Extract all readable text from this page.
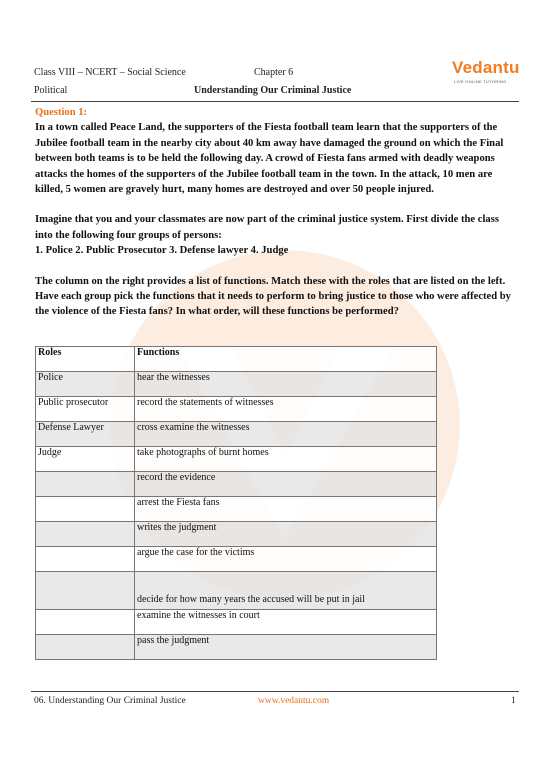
Class VIII – NCERT – Social Science	Chapter 6
Political	Understanding Our Criminal Justice
Vedantu
LIVE ONLINE TUTORING
Question 1:

In a town called Peace Land, the supporters of the Fiesta football team learn that the supporters of the Jubilee football team in the nearby city about 40 km away have damaged the ground on which the Final between both teams is to be held the following day. A crowd of Fiesta fans armed with deadly weapons attacks the homes of the supporters of the Jubilee football team in the town. In the attack, 10 men are killed, 5 women are gravely hurt, many homes are destroyed and over 50 people injured.

Imagine that you and your classmates are now part of the criminal justice system. First divide the class into the following four groups of persons:

1. Police 2. Public Prosecutor 3. Defense lawyer 4. Judge

The column on the right provides a list of functions. Match these with the roles that are listed on the left. Have each group pick the functions that it needs to perform to bring justice to those who were affected by the violence of the Fiesta fans? In what order, will these functions be performed?

Roles	Functions
Police	hear the witnesses
Public prosecutor	record the statements of witnesses
Defense Lawyer	cross examine the witnesses
Judge	take photographs of burnt homes
	record the evidence
	arrest the Fiesta fans
	writes the judgment
	argue the case for the victims
	decide for how many years the accused will be put in jail
	examine the witnesses in court
	pass the judgment
06. Understanding Our Criminal Justice	www.vedantu.com	1
